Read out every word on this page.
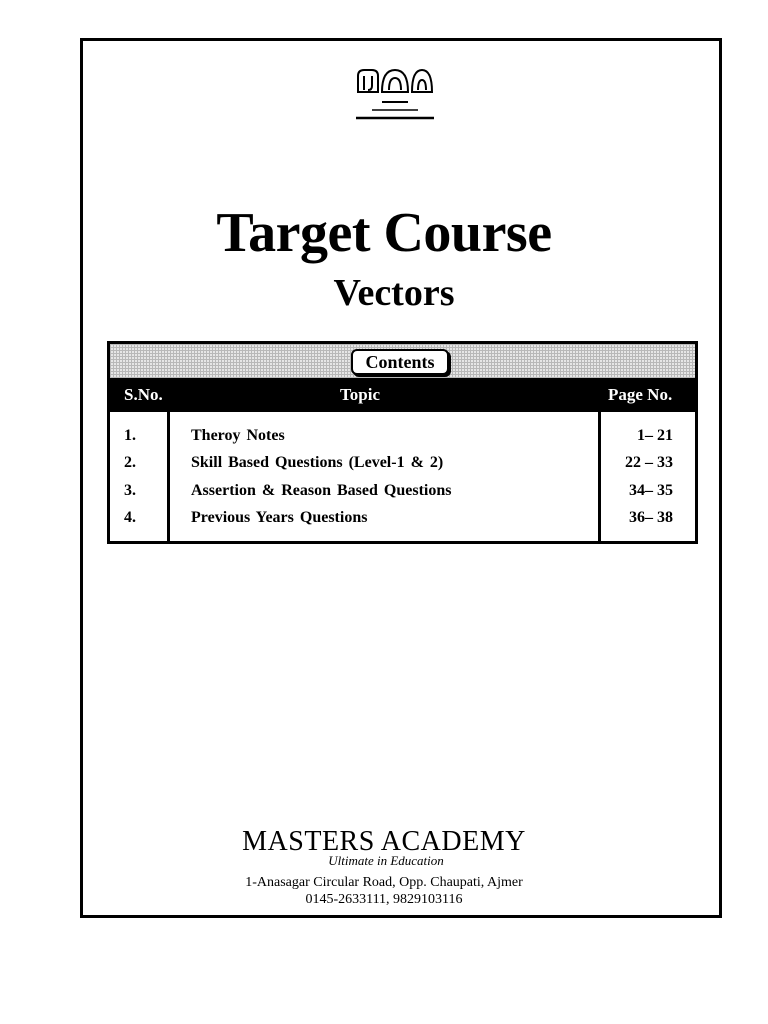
Target Course
Vectors
Contents
S.No.	Topic	Page No.
1.	Theroy Notes	1– 21
2.	Skill Based Questions (Level-1 & 2)	22 – 33
3.	Assertion & Reason Based Questions	34– 35
4.	Previous Years Questions	36– 38
MASTERS ACADEMY
Ultimate in Education
1-Anasagar Circular Road, Opp. Chaupati, Ajmer
0145-2633111, 9829103116
